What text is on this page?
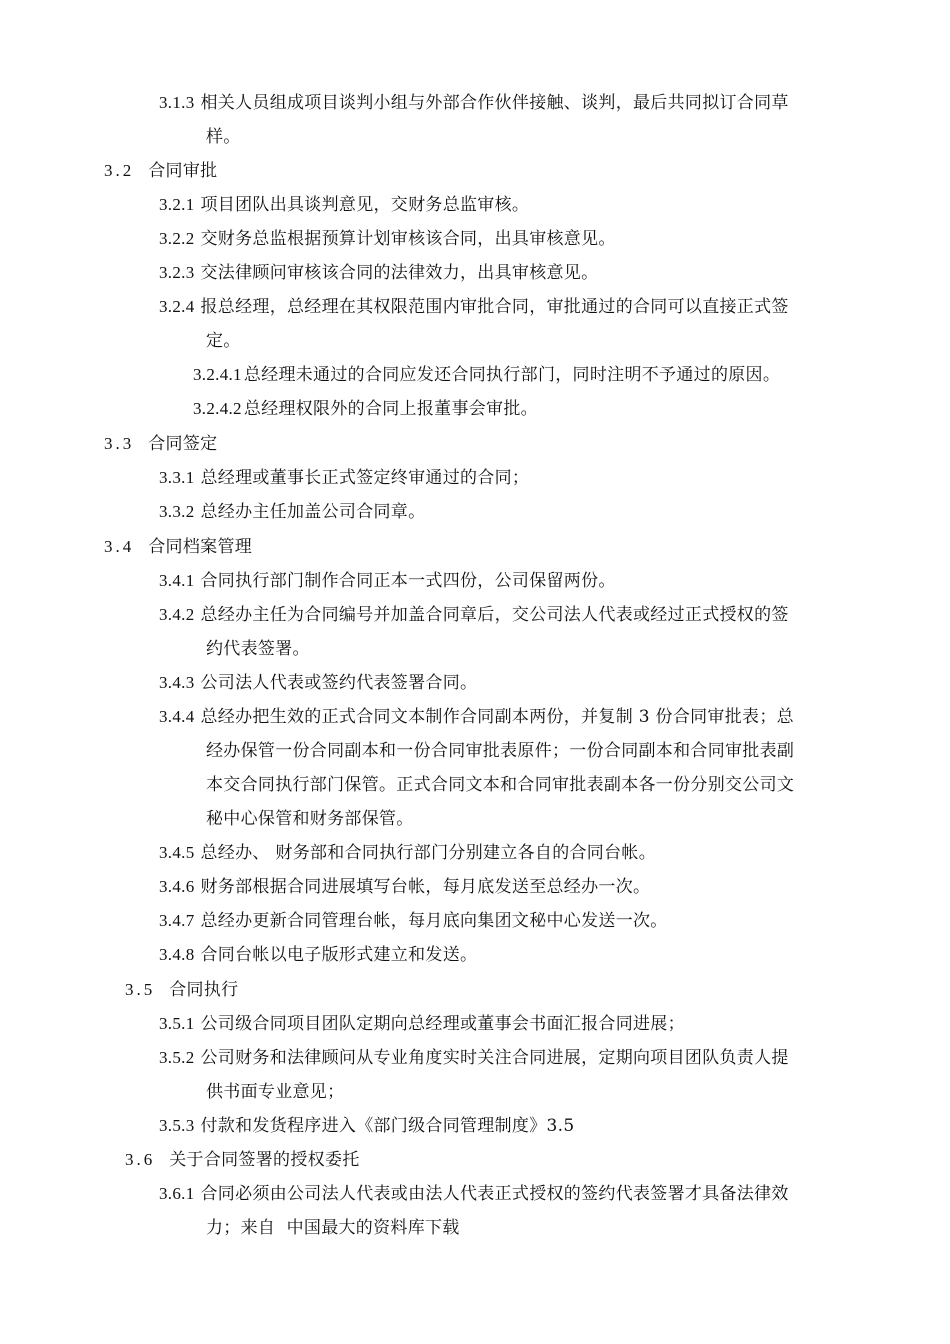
3.1.3 相关人员组成项目谈判小组与外部合作伙伴接触、谈判，最后共同拟订合同草
样。
3.2 合同审批
3.2.1 项目团队出具谈判意见，交财务总监审核。
3.2.2 交财务总监根据预算计划审核该合同，出具审核意见。
3.2.3 交法律顾问审核该合同的法律效力，出具审核意见。
3.2.4 报总经理，总经理在其权限范围内审批合同，审批通过的合同可以直接正式签
定。
3.2.4.1 总经理未通过的合同应发还合同执行部门，同时注明不予通过的原因。
3.2.4.2 总经理权限外的合同上报董事会审批。
3.3 合同签定
3.3.1 总经理或董事长正式签定终审通过的合同；
3.3.2 总经办主任加盖公司合同章。
3.4 合同档案管理
3.4.1 合同执行部门制作合同正本一式四份，公司保留两份。
3.4.2 总经办主任为合同编号并加盖合同章后，交公司法人代表或经过正式授权的签
约代表签署。
3.4.3 公司法人代表或签约代表签署合同。
3.4.4 总经办把生效的正式合同文本制作合同副本两份，并复制 3 份合同审批表；总
经办保管一份合同副本和一份合同审批表原件；一份合同副本和合同审批表副
本交合同执行部门保管。正式合同文本和合同审批表副本各一份分别交公司文
秘中心保管和财务部保管。
3.4.5 总经办、 财务部和合同执行部门分别建立各自的合同台帐。
3.4.6 财务部根据合同进展填写台帐，每月底发送至总经办一次。
3.4.7 总经办更新合同管理台帐，每月底向集团文秘中心发送一次。
3.4.8 合同台帐以电子版形式建立和发送。
3.5 合同执行
3.5.1 公司级合同项目团队定期向总经理或董事会书面汇报合同进展；
3.5.2 公司财务和法律顾问从专业角度实时关注合同进展，定期向项目团队负责人提
供书面专业意见；
3.5.3 付款和发货程序进入《部门级合同管理制度》3.5
3.6 关于合同签署的授权委托
3.6.1 合同必须由公司法人代表或由法人代表正式授权的签约代表签署才具备法律效
力；来自  中国最大的资料库下载
